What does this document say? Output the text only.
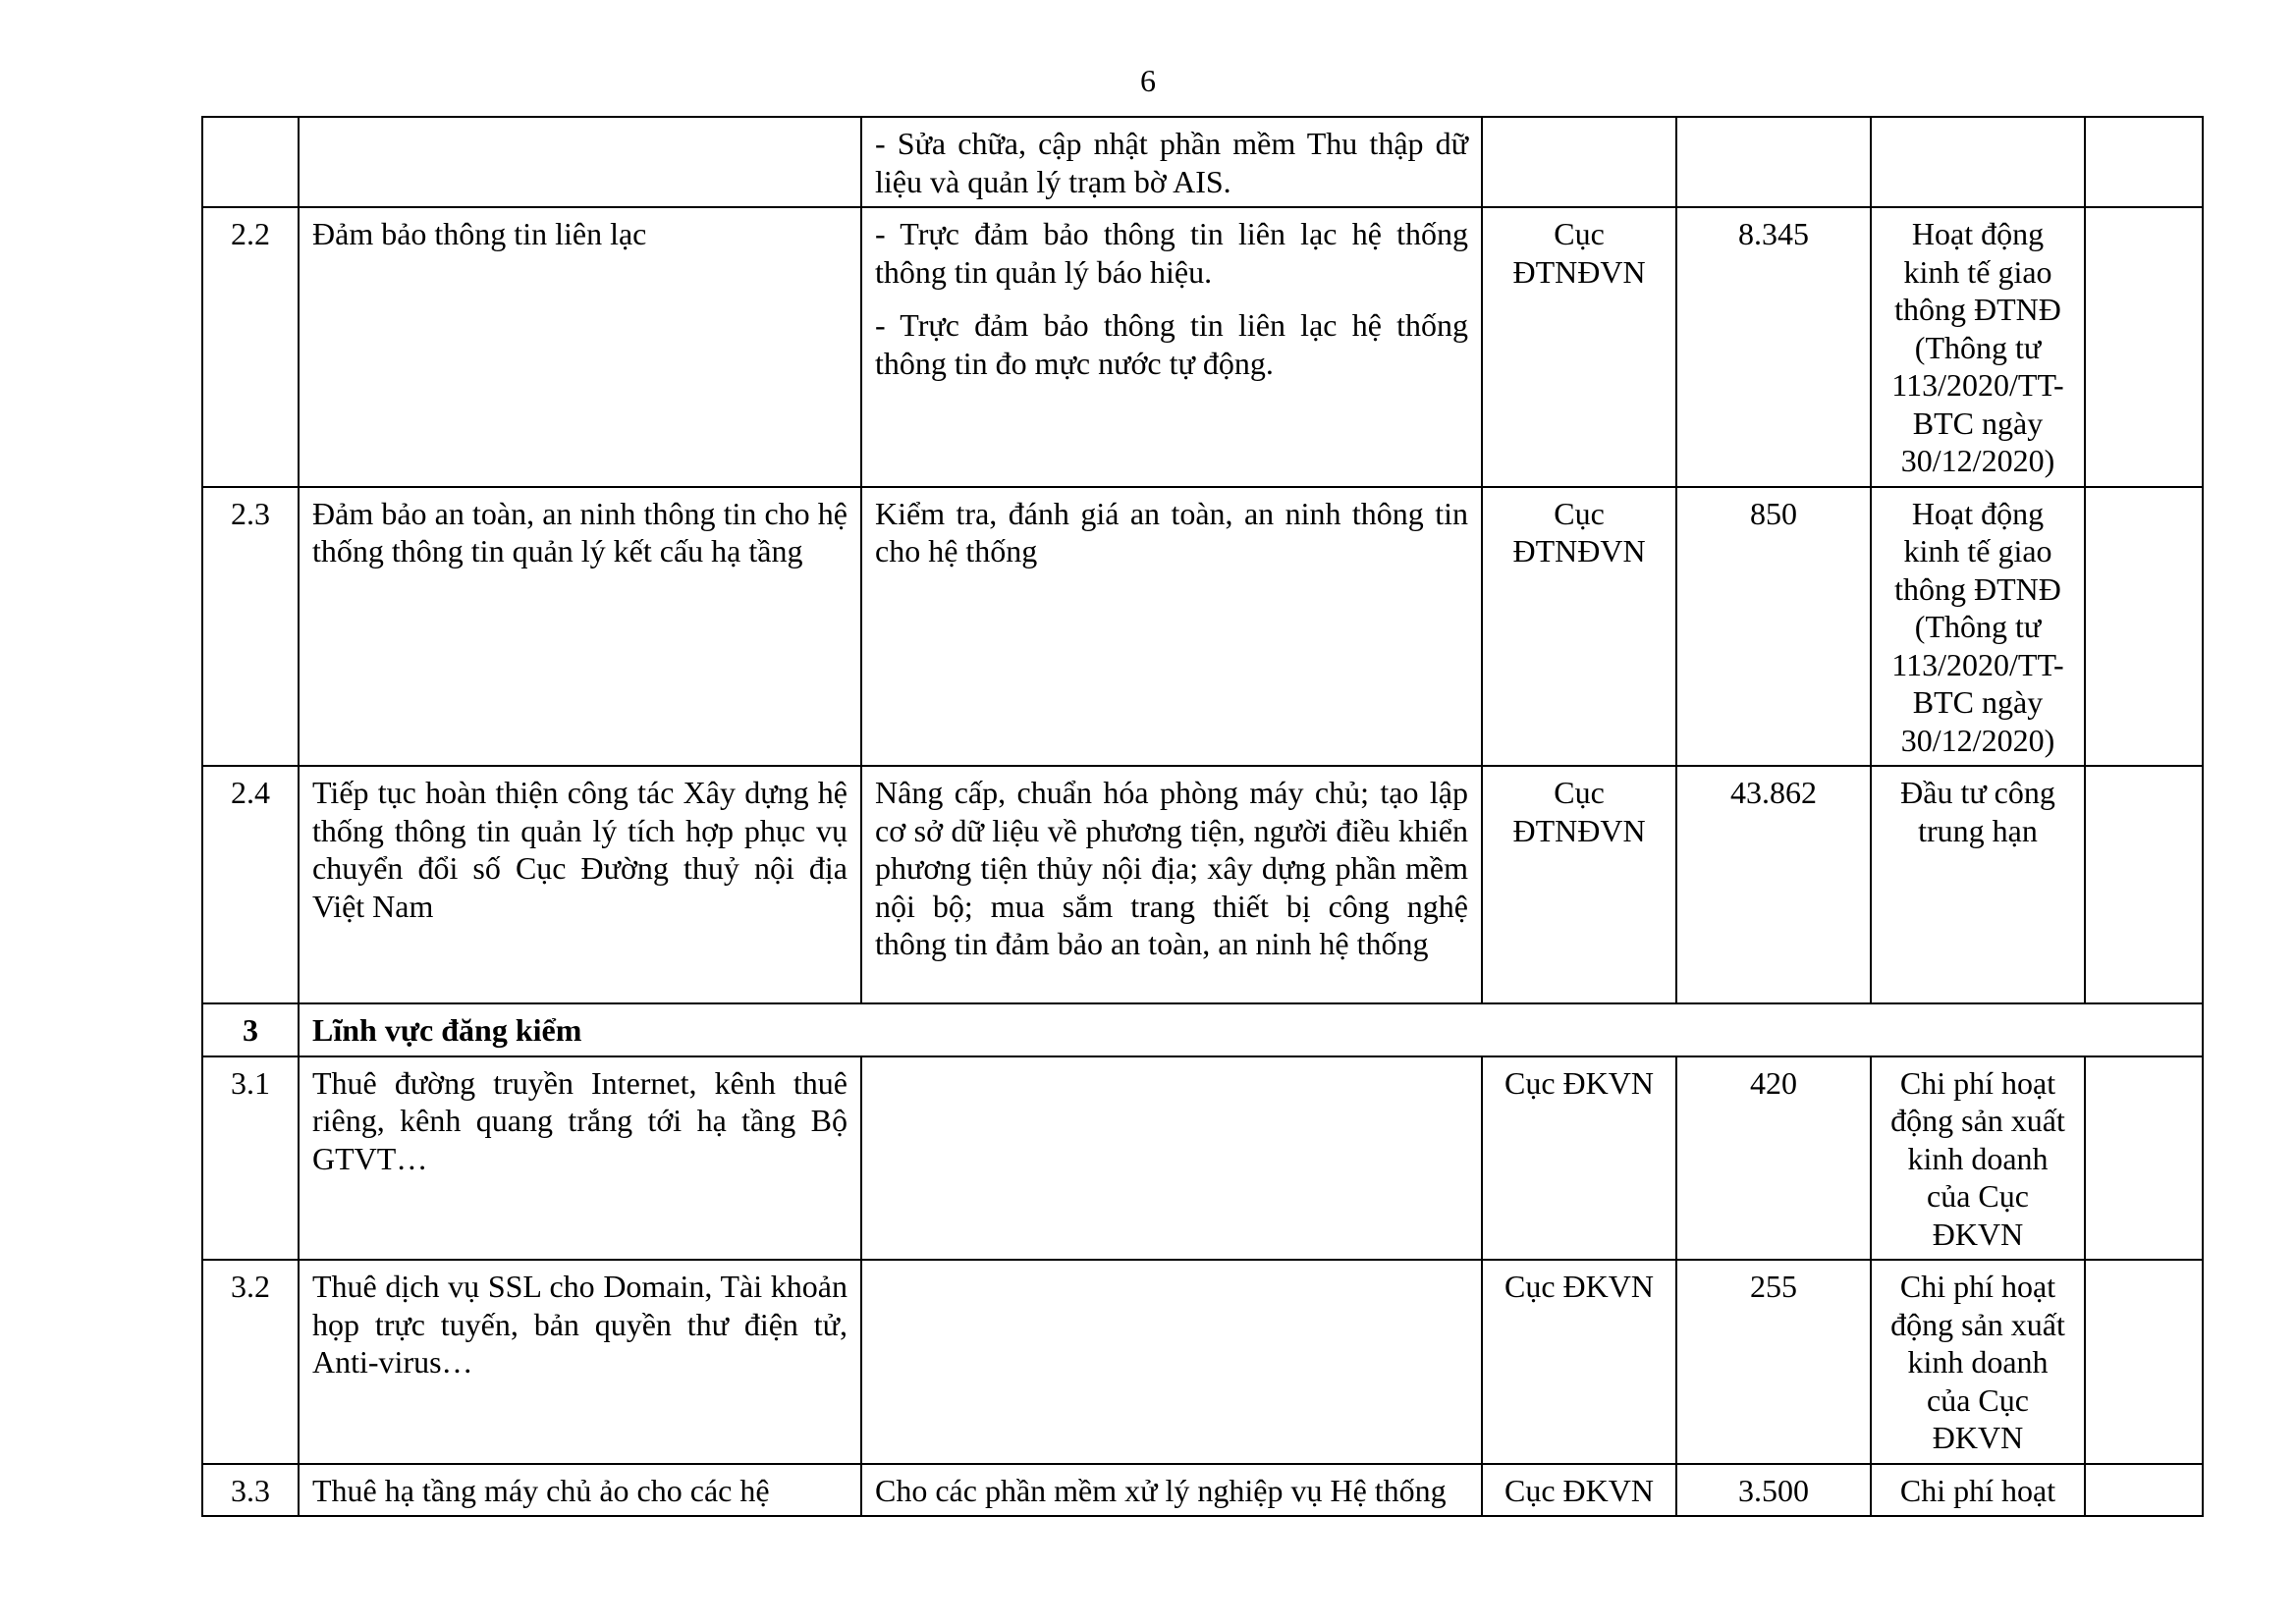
6

		- Sửa chữa, cập nhật phần mềm Thu thập dữ liệu và quản lý trạm bờ AIS.				

2.2	Đảm bảo thông tin liên lạc	- Trực đảm bảo thông tin liên lạc hệ thống thông tin quản lý báo hiệu.

- Trực đảm bảo thông tin liên lạc hệ thống thông tin đo mực nước tự động.	Cục ĐTNĐVN	8.345	Hoạt động kinh tế giao thông ĐTNĐ (Thông tư 113/2020/TT-BTC ngày 30/12/2020)	
2.3	Đảm bảo an toàn, an ninh thông tin cho hệ thống thông tin quản lý kết cấu hạ tầng	Kiểm tra, đánh giá an toàn, an ninh thông tin cho hệ thống	Cục ĐTNĐVN	850	Hoạt động kinh tế giao thông ĐTNĐ (Thông tư 113/2020/TT-BTC ngày 30/12/2020)	
2.4	Tiếp tục hoàn thiện công tác Xây dựng hệ thống thông tin quản lý tích hợp phục vụ chuyển đổi số Cục Đường thuỷ nội địa Việt Nam	Nâng cấp, chuẩn hóa phòng máy chủ; tạo lập cơ sở dữ liệu về phương tiện, người điều khiển phương tiện thủy nội địa; xây dựng phần mềm nội bộ; mua sắm trang thiết bị công nghệ thông tin đảm bảo an toàn, an ninh hệ thống	Cục ĐTNĐVN	43.862	Đầu tư công trung hạn	
3	Lĩnh vực đăng kiểm					
3.1	Thuê đường truyền Internet, kênh thuê riêng, kênh quang trắng tới hạ tầng Bộ GTVT…		Cục ĐKVN	420	Chi phí hoạt động sản xuất kinh doanh của Cục ĐKVN	
3.2	Thuê dịch vụ SSL cho Domain, Tài khoản họp trực tuyến, bản quyền thư điện tử, Anti-virus…		Cục ĐKVN	255	Chi phí hoạt động sản xuất kinh doanh của Cục ĐKVN	
3.3	Thuê hạ tầng máy chủ ảo cho các hệ	Cho các phần mềm xử lý nghiệp vụ Hệ thống	Cục ĐKVN	3.500	Chi phí hoạt	
